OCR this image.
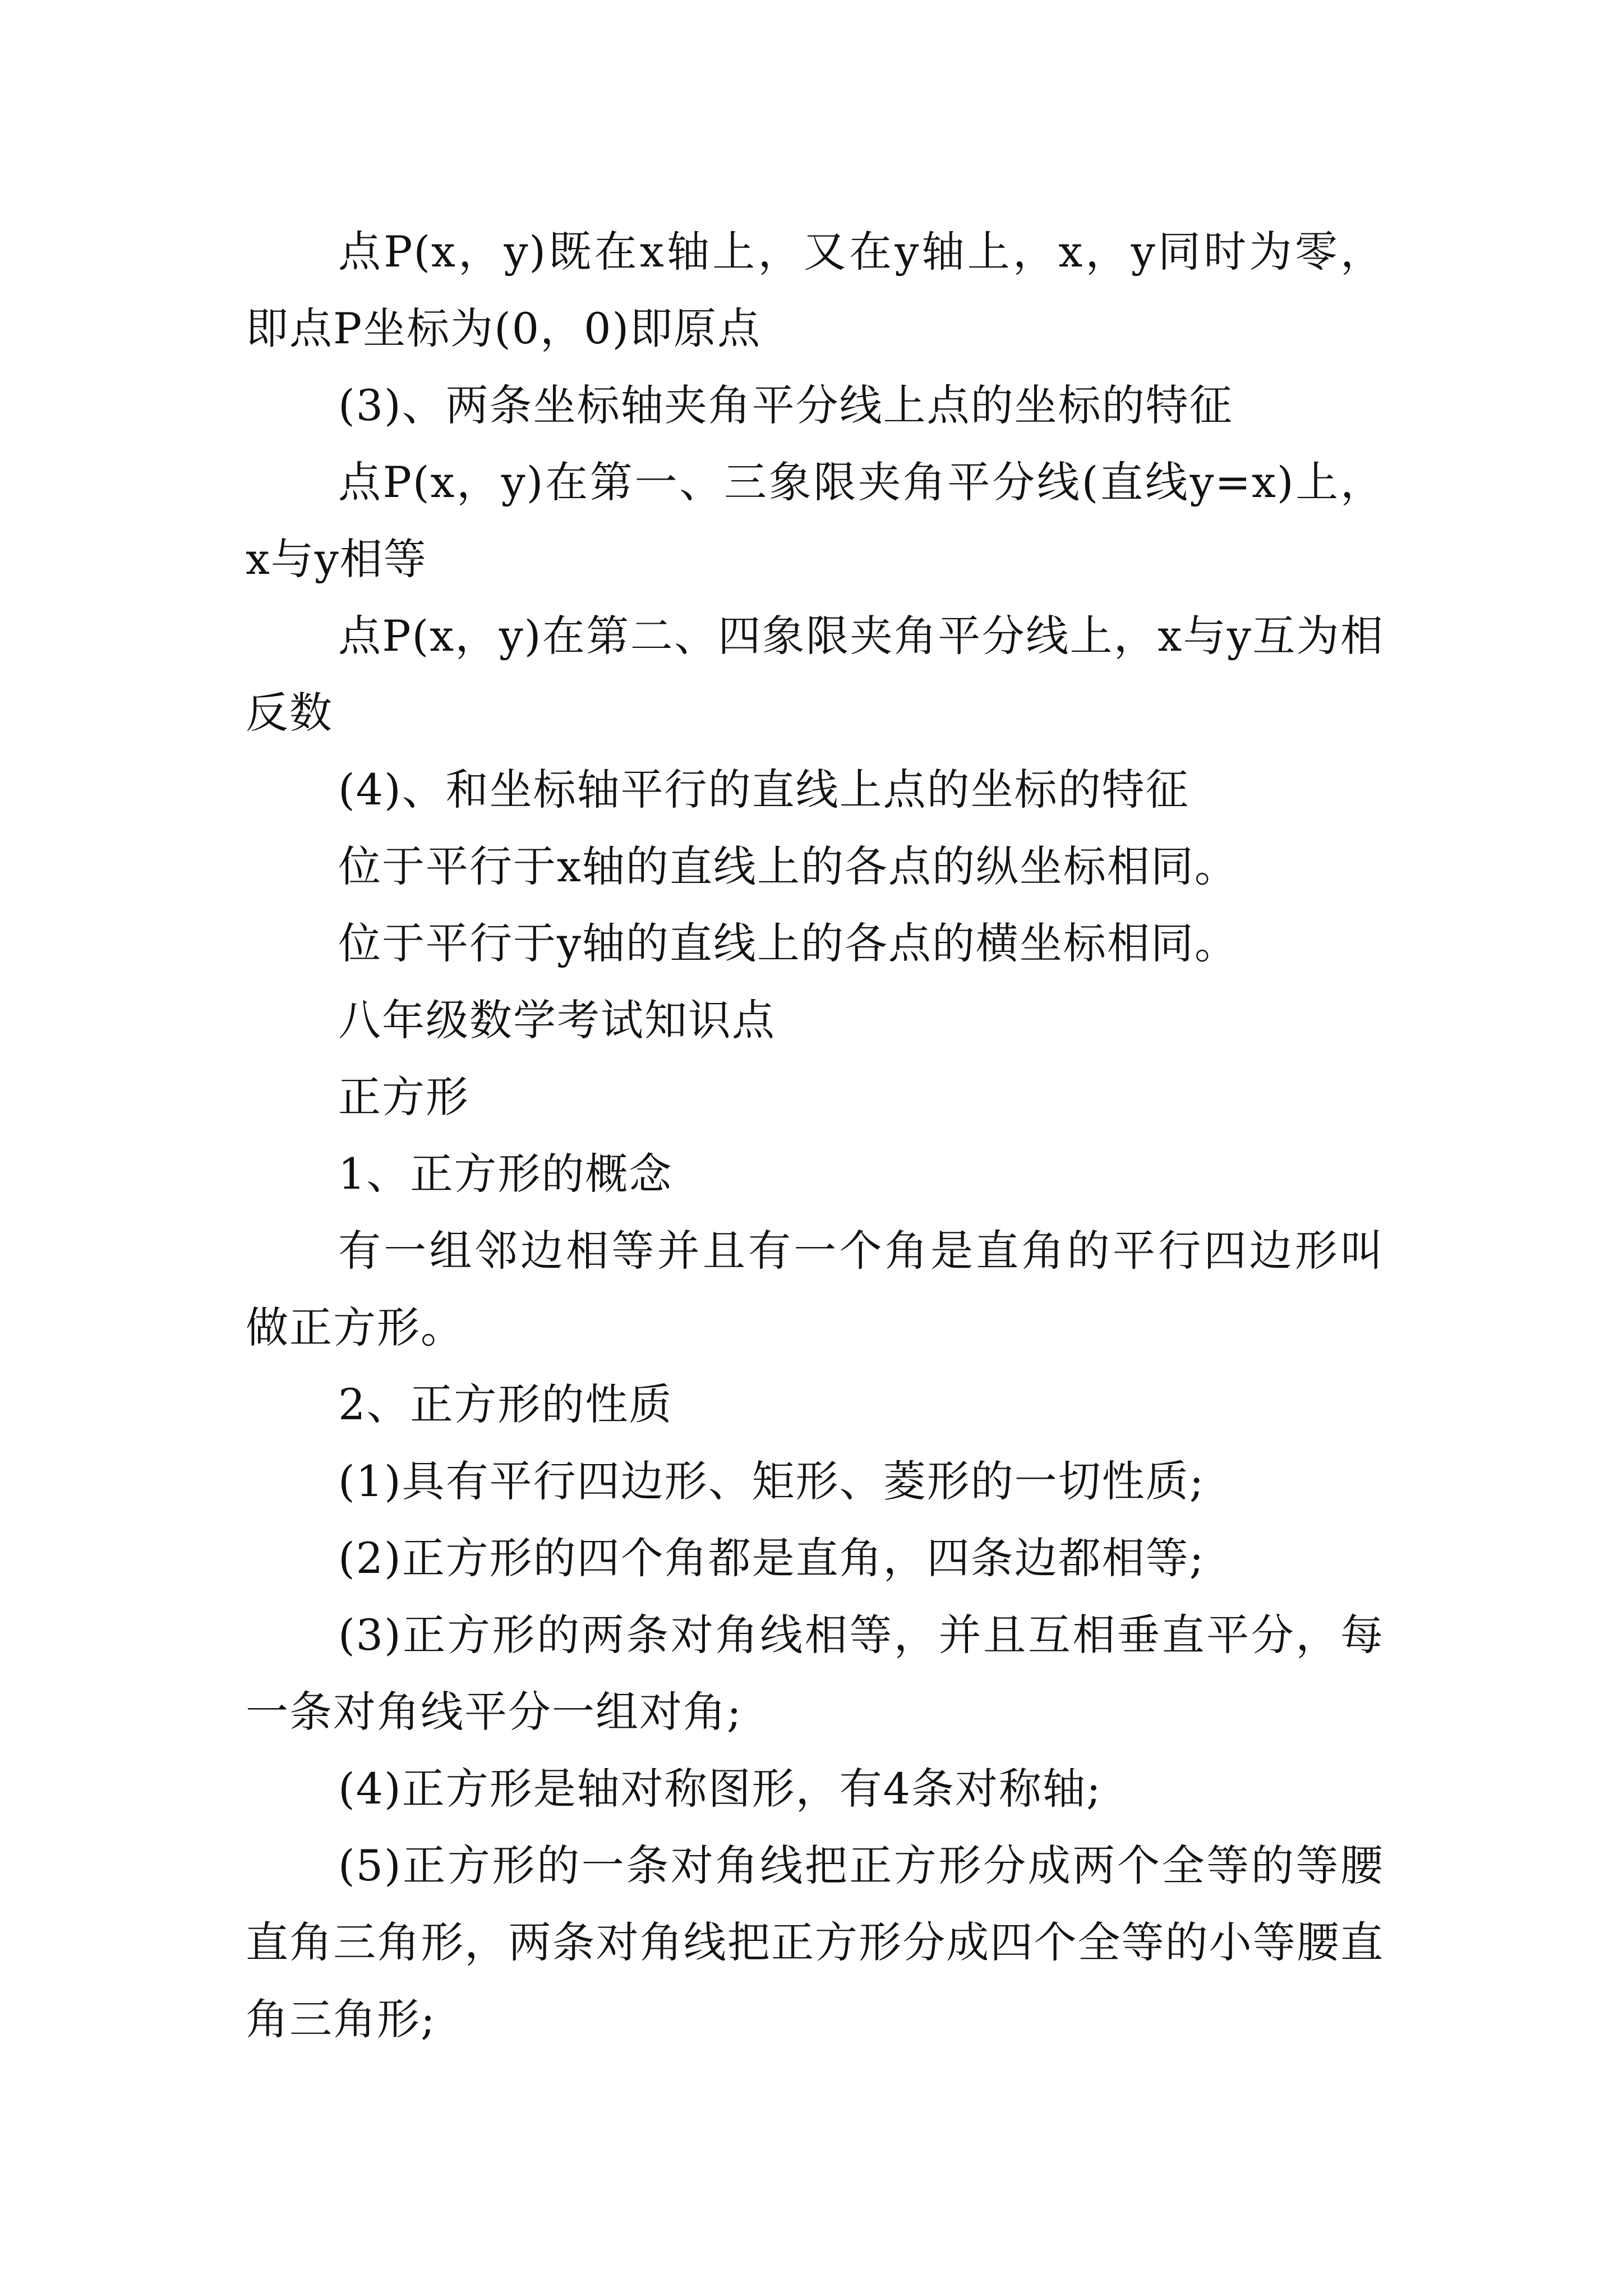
点P(x，y)既在x轴上，又在y轴上，x，y同时为零，即点P坐标为(0，0)即原点

(3)、两条坐标轴夹角平分线上点的坐标的特征

点P(x，y)在第一、三象限夹角平分线(直线y=x)上，x与y相等

点P(x，y)在第二、四象限夹角平分线上，x与y互为相反数

(4)、和坐标轴平行的直线上点的坐标的特征

位于平行于x轴的直线上的各点的纵坐标相同。

位于平行于y轴的直线上的各点的横坐标相同。

八年级数学考试知识点

正方形

1、正方形的概念

有一组邻边相等并且有一个角是直角的平行四边形叫做正方形。

2、正方形的性质

(1)具有平行四边形、矩形、菱形的一切性质;

(2)正方形的四个角都是直角，四条边都相等;

(3)正方形的两条对角线相等，并且互相垂直平分，每一条对角线平分一组对角;

(4)正方形是轴对称图形，有4条对称轴;

(5)正方形的一条对角线把正方形分成两个全等的等腰直角三角形，两条对角线把正方形分成四个全等的小等腰直角三角形;
